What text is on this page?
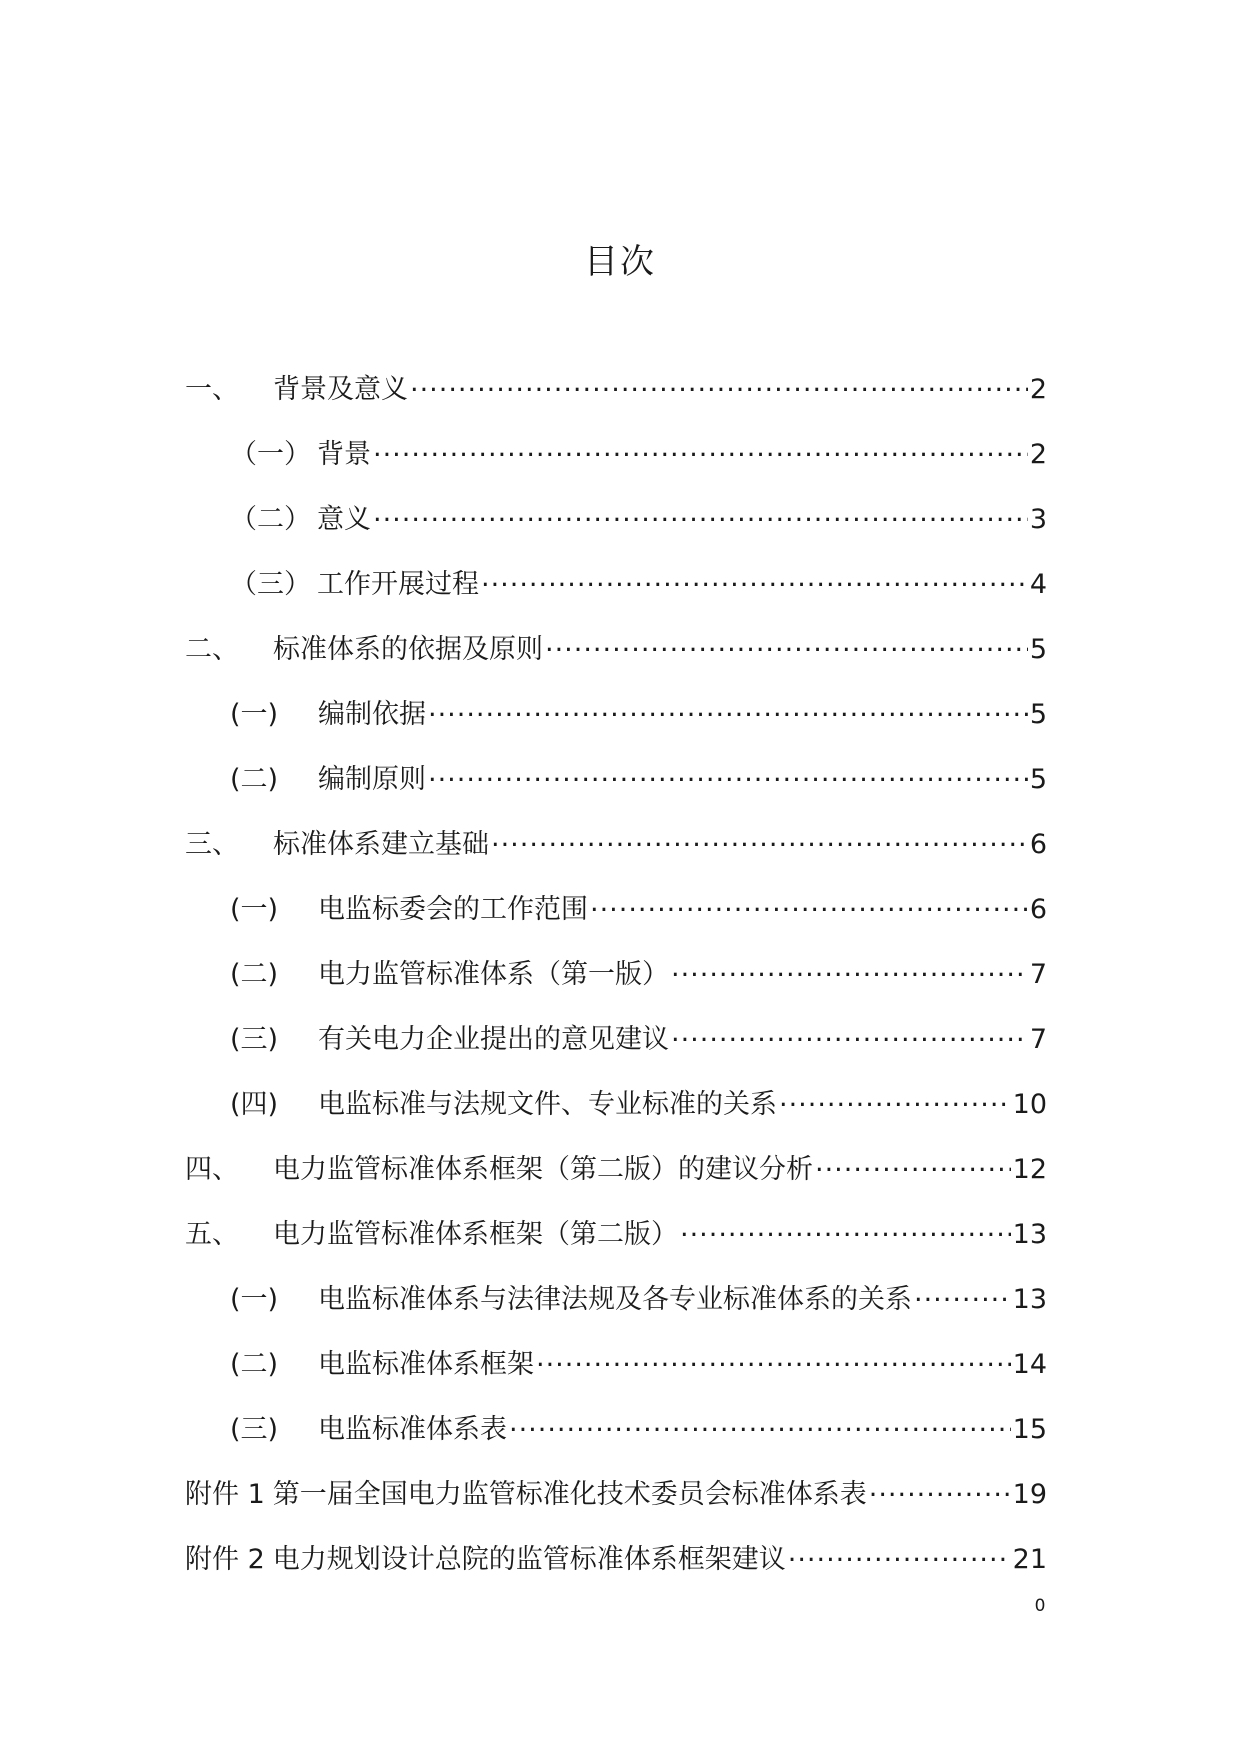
目次
一、	背景及意义 .....	2
（一） 背景 .....	2
（二） 意义 .....	3
（三） 工作开展过程 .....	4
二、	标准体系的依据及原则 .....	5
(一)	编制依据 .....	5
(二)	编制原则 .....	5
三、	标准体系建立基础 .....	6
(一)	电监标委会的工作范围 .....	6
(二)	电力监管标准体系（第一版） .....	7
(三)	有关电力企业提出的意见建议 .....	7
(四)	电监标准与法规文件、专业标准的关系 .....	10
四、	电力监管标准体系框架（第二版）的建议分析 .....	12
五、	电力监管标准体系框架（第二版） .....	13
(一)	电监标准体系与法律法规及各专业标准体系的关系 .....	13
(二)	电监标准体系框架 .....	14
(三)	电监标准体系表 .....	15
附件 1 第一届全国电力监管标准化技术委员会标准体系表 .....	19
附件 2 电力规划设计总院的监管标准体系框架建议 .....	21
0
